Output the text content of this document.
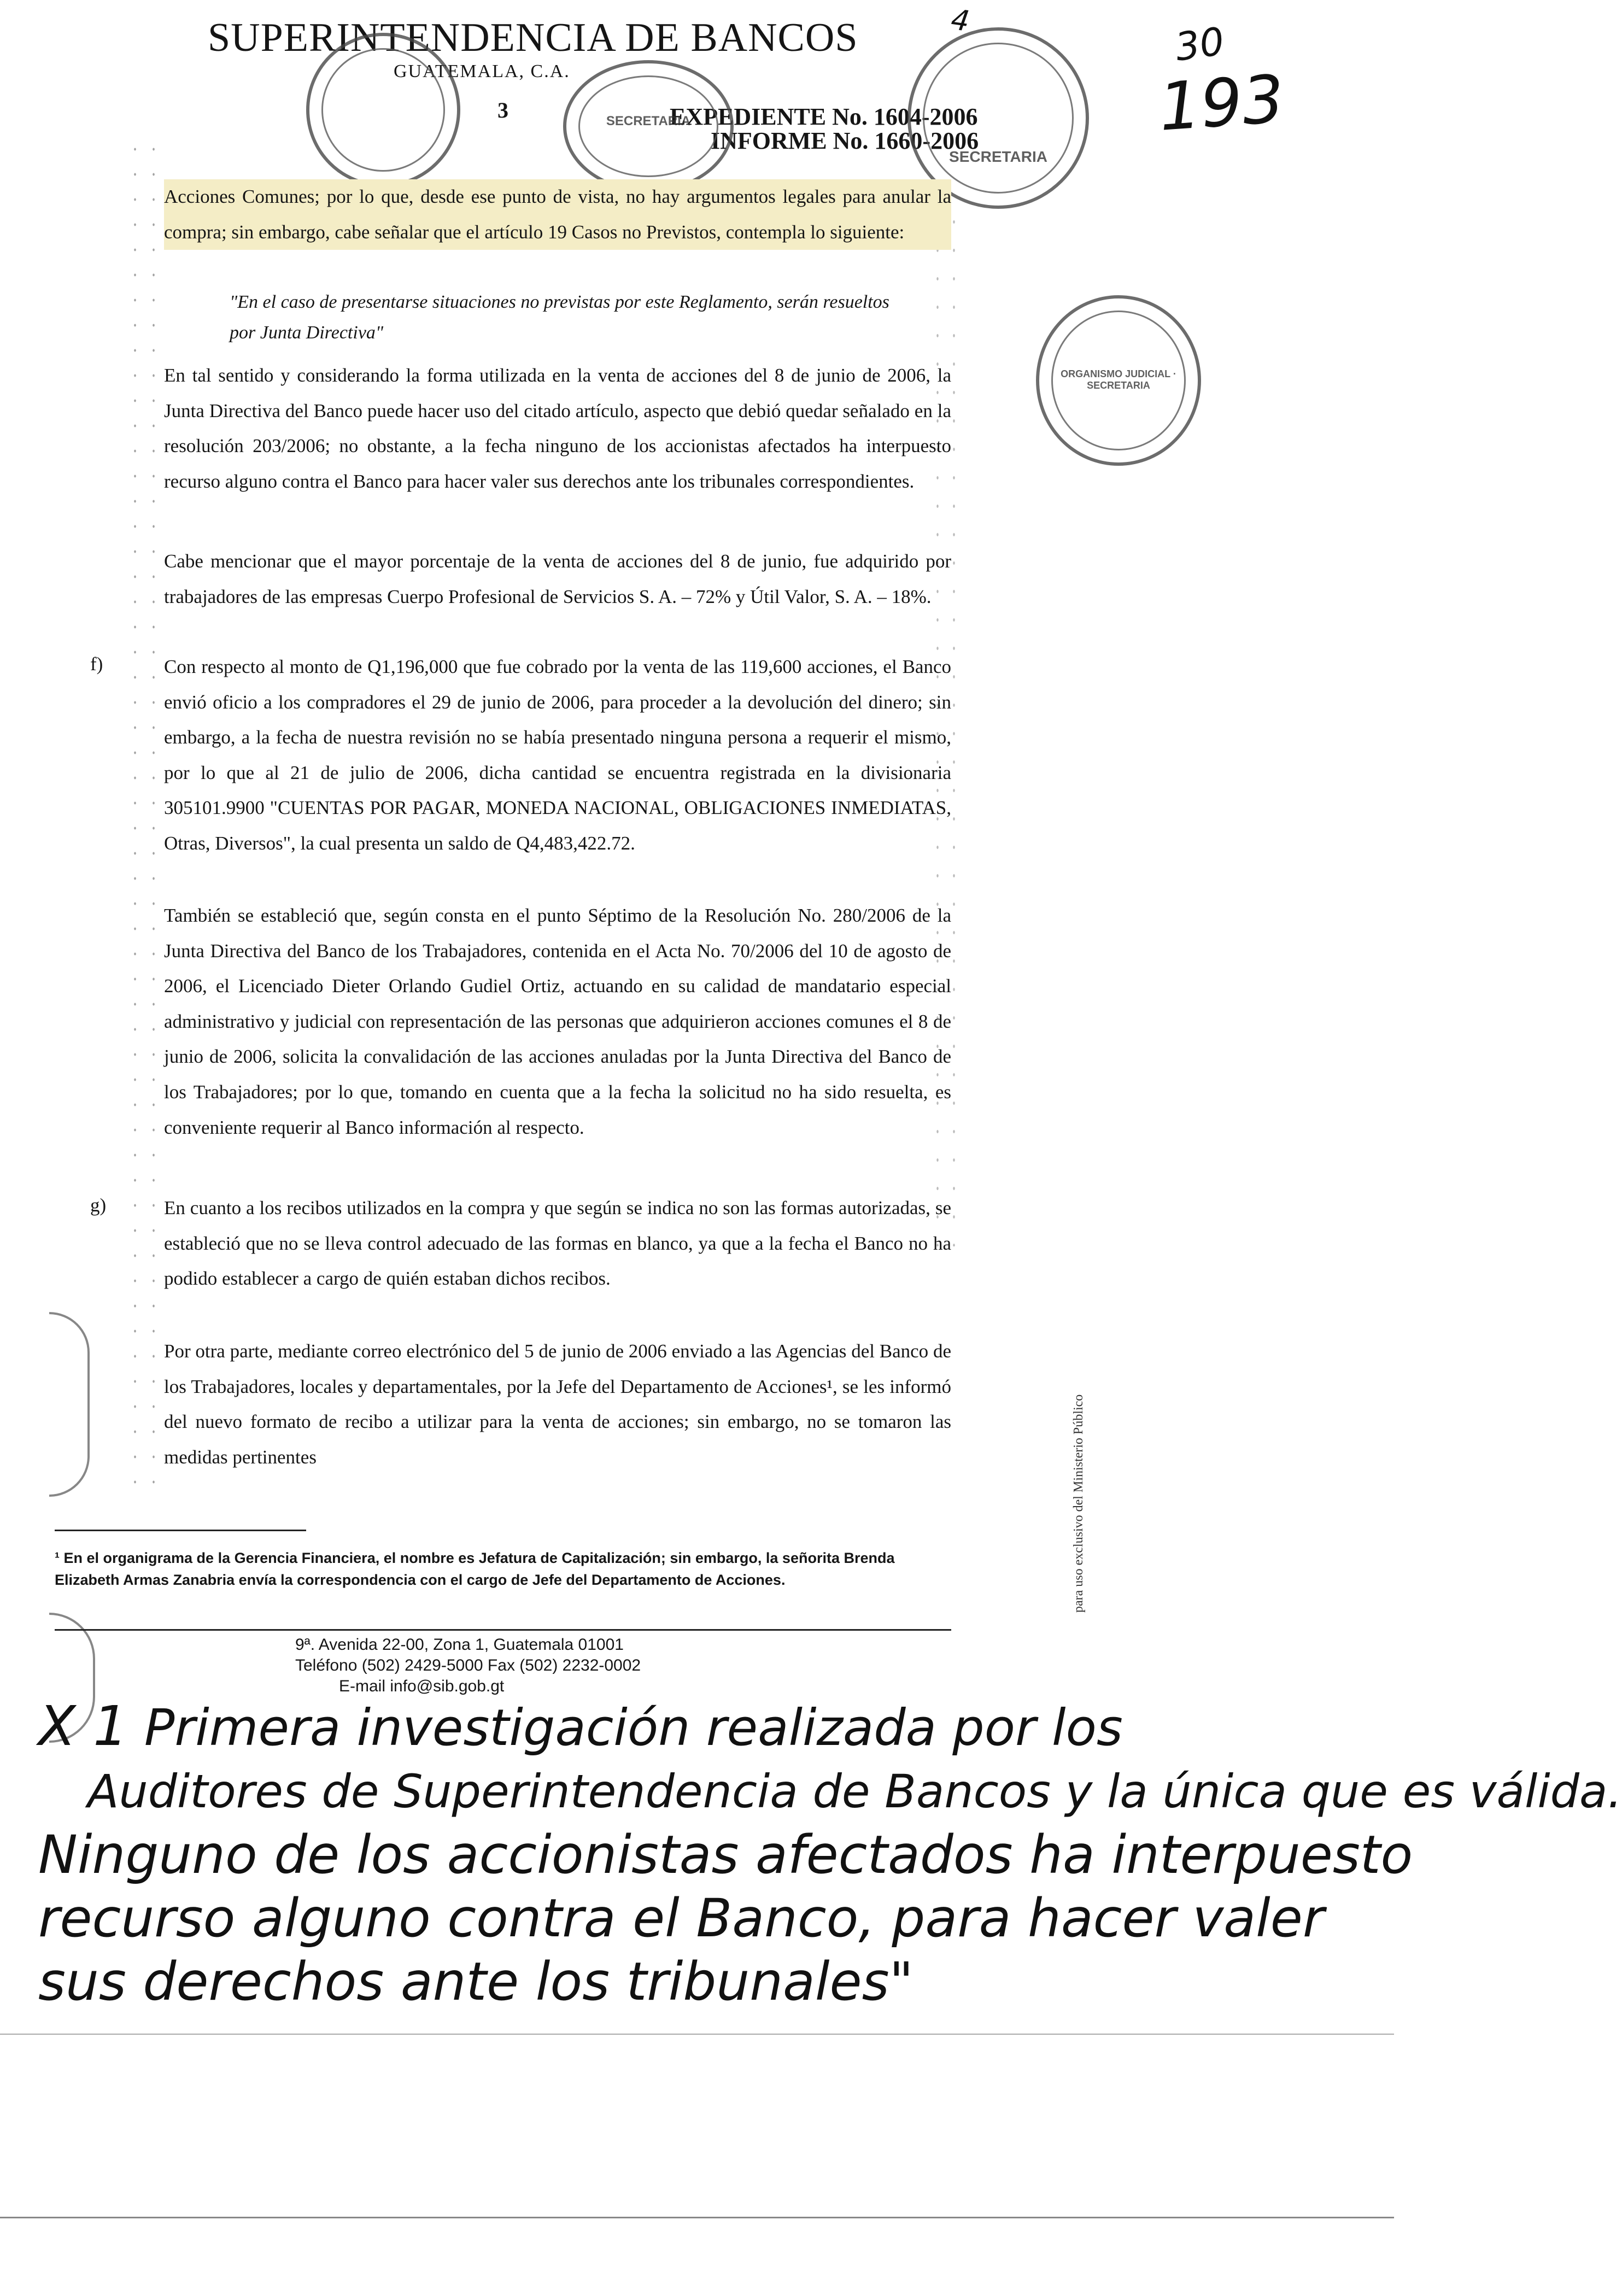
SUPERINTENDENCIA DE BANCOS
GUATEMALA, C.A.
3	EXPEDIENTE No. 1604-2006
INFORME No. 1660-2006
4	30
193
SECRETARIA
SECRETARIA
ORGANISMO JUDICIAL · SECRETARIA

Acciones Comunes; por lo que, desde ese punto de vista, no hay argumentos legales para anular la compra; sin embargo, cabe señalar que el artículo 19 Casos no Previstos, contempla lo siguiente:

"En el caso de presentarse situaciones no previstas por este Reglamento, serán resueltos por Junta Directiva"

En tal sentido y considerando la forma utilizada en la venta de acciones del 8 de junio de 2006, la Junta Directiva del Banco puede hacer uso del citado artículo, aspecto que debió quedar señalado en la resolución 203/2006; no obstante, a la fecha ninguno de los accionistas afectados ha interpuesto recurso alguno contra el Banco para hacer valer sus derechos ante los tribunales correspondientes.

Cabe mencionar que el mayor porcentaje de la venta de acciones del 8 de junio, fue adquirido por trabajadores de las empresas Cuerpo Profesional de Servicios S. A. – 72% y Útil Valor, S. A. – 18%.

f)	Con respecto al monto de Q1,196,000 que fue cobrado por la venta de las 119,600 acciones, el Banco envió oficio a los compradores el 29 de junio de 2006, para proceder a la devolución del dinero; sin embargo, a la fecha de nuestra revisión no se había presentado ninguna persona a requerir el mismo, por lo que al 21 de julio de 2006, dicha cantidad se encuentra registrada en la divisionaria 305101.9900 "CUENTAS POR PAGAR, MONEDA NACIONAL, OBLIGACIONES INMEDIATAS, Otras, Diversos", la cual presenta un saldo de Q4,483,422.72.

También se estableció que, según consta en el punto Séptimo de la Resolución No. 280/2006 de la Junta Directiva del Banco de los Trabajadores, contenida en el Acta No. 70/2006 del 10 de agosto de 2006, el Licenciado Dieter Orlando Gudiel Ortiz, actuando en su calidad de mandatario especial administrativo y judicial con representación de las personas que adquirieron acciones comunes el 8 de junio de 2006, solicita la convalidación de las acciones anuladas por la Junta Directiva del Banco de los Trabajadores; por lo que, tomando en cuenta que a la fecha la solicitud no ha sido resuelta, es conveniente requerir al Banco información al respecto.

g)	En cuanto a los recibos utilizados en la compra y que según se indica no son las formas autorizadas, se estableció que no se lleva control adecuado de las formas en blanco, ya que a la fecha el Banco no ha podido establecer a cargo de quién estaban dichos recibos.

Por otra parte, mediante correo electrónico del 5 de junio de 2006 enviado a las Agencias del Banco de los Trabajadores, locales y departamentales, por la Jefe del Departamento de Acciones¹, se les informó del nuevo formato de recibo a utilizar para la venta de acciones; sin embargo, no se tomaron las medidas pertinentes

¹ En el organigrama de la Gerencia Financiera, el nombre es Jefatura de Capitalización; sin embargo, la señorita Brenda Elizabeth Armas Zanabria envía la correspondencia con el cargo de Jefe del Departamento de Acciones.	para uso exclusivo del Ministerio Público
9ª. Avenida 22-00, Zona 1, Guatemala 01001
Teléfono (502) 2429-5000 Fax (502) 2232-0002
E-mail info@sib.gob.gt
X 1 Primera investigación realizada por los
Auditores de Superintendencia de Bancos y la única que es válida.
Ninguno de los accionistas afectados ha interpuesto
recurso alguno contra el Banco, para hacer valer
sus derechos ante los tribunales"
